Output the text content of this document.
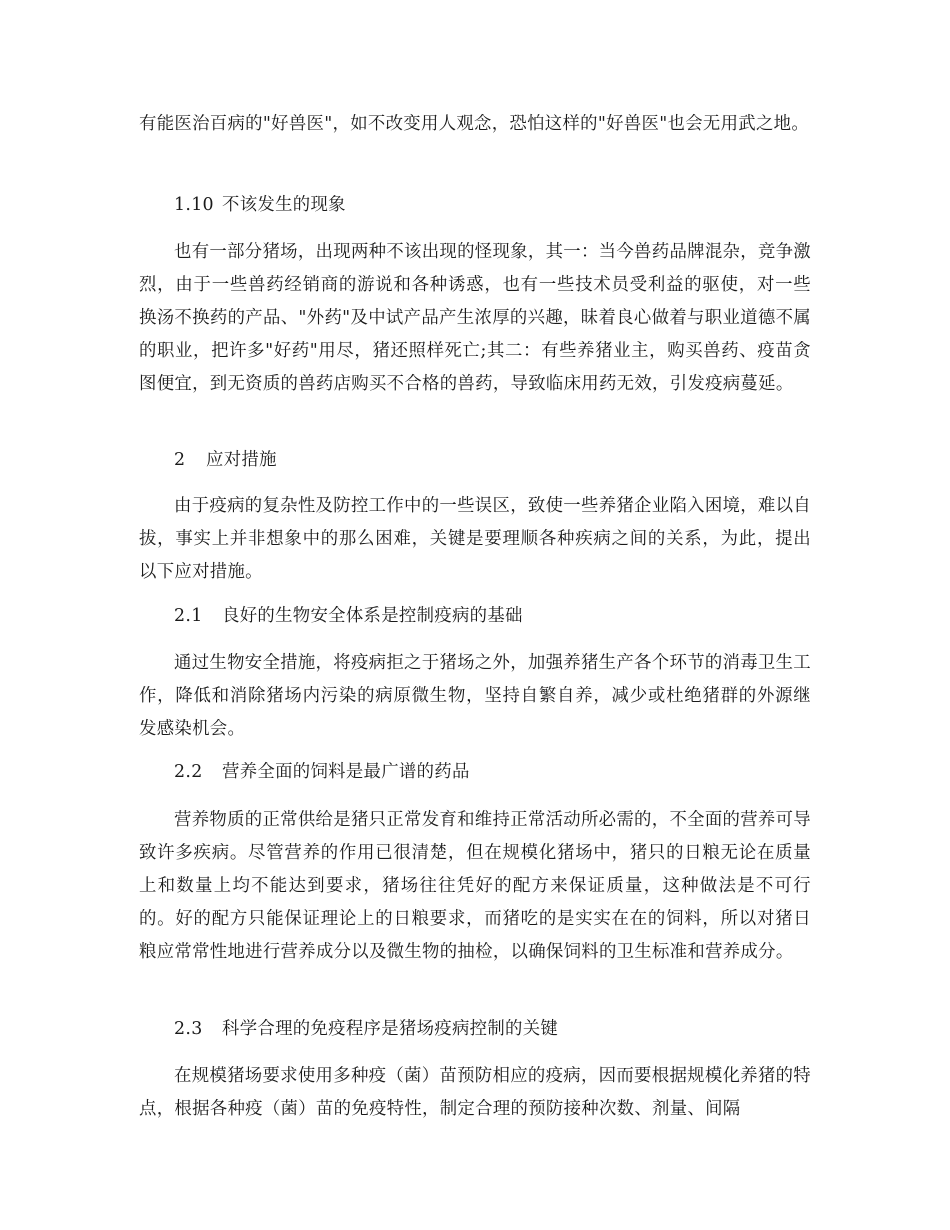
有能医治百病的"好兽医"，如不改变用人观念，恐怕这样的"好兽医"也会无用武之地。

1.10 不该发生的现象

也有一部分猪场，出现两种不该出现的怪现象，其一：当今兽药品牌混杂，竞争激烈，由于一些兽药经销商的游说和各种诱惑，也有一些技术员受利益的驱使，对一些换汤不换药的产品、"外药"及中试产品产生浓厚的兴趣，昧着良心做着与职业道德不属的职业，把许多"好药"用尽，猪还照样死亡;其二：有些养猪业主，购买兽药、疫苗贪图便宜，到无资质的兽药店购买不合格的兽药，导致临床用药无效，引发疫病蔓延。

2 应对措施

由于疫病的复杂性及防控工作中的一些误区，致使一些养猪企业陷入困境，难以自拔，事实上并非想象中的那么困难，关键是要理顺各种疾病之间的关系，为此，提出以下应对措施。

2.1 良好的生物安全体系是控制疫病的基础

通过生物安全措施，将疫病拒之于猪场之外，加强养猪生产各个环节的消毒卫生工作，降低和消除猪场内污染的病原微生物，坚持自繁自养，减少或杜绝猪群的外源继发感染机会。

2.2 营养全面的饲料是最广谱的药品

营养物质的正常供给是猪只正常发育和维持正常活动所必需的，不全面的营养可导致许多疾病。尽管营养的作用已很清楚，但在规模化猪场中，猪只的日粮无论在质量上和数量上均不能达到要求，猪场往往凭好的配方来保证质量，这种做法是不可行的。好的配方只能保证理论上的日粮要求，而猪吃的是实实在在的饲料，所以对猪日粮应常常性地进行营养成分以及微生物的抽检，以确保饲料的卫生标准和营养成分。

2.3 科学合理的免疫程序是猪场疫病控制的关键

在规模猪场要求使用多种疫（菌）苗预防相应的疫病，因而要根据规模化养猪的特点，根据各种疫（菌）苗的免疫特性，制定合理的预防接种次数、剂量、间隔
